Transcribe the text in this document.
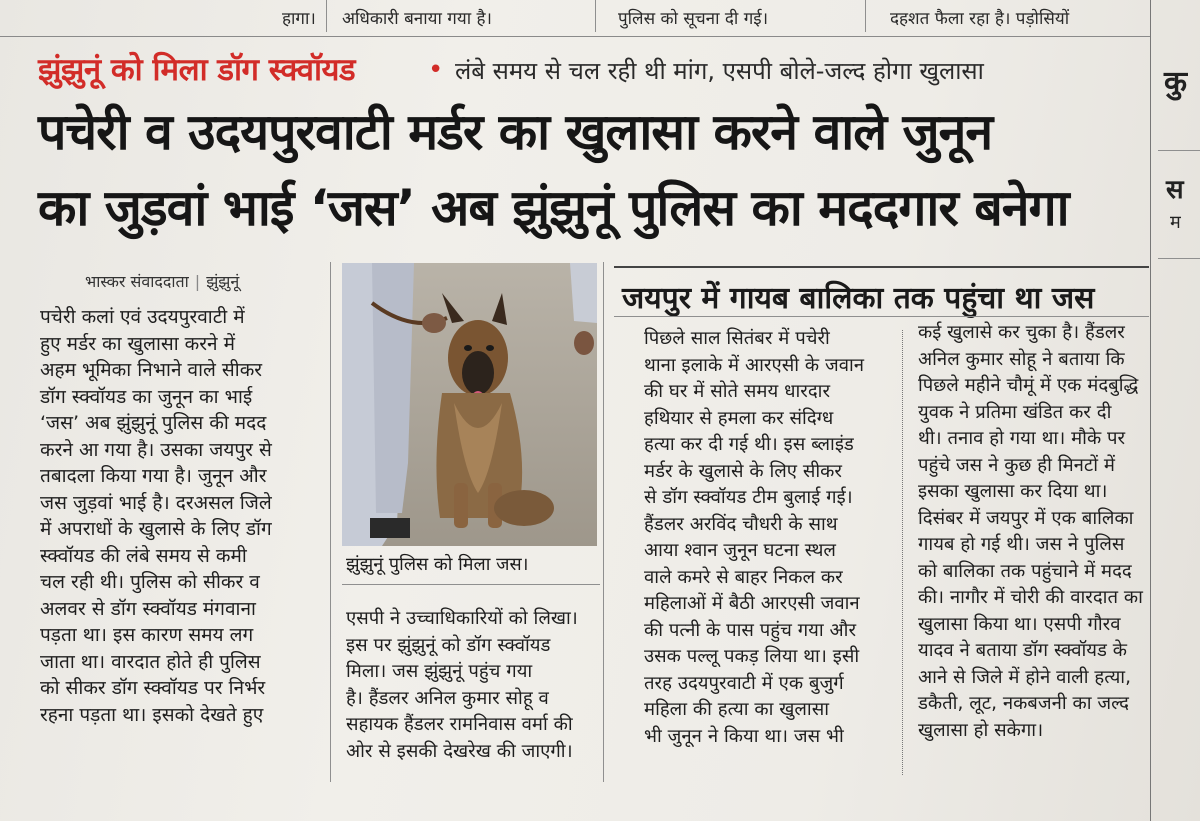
हागा। अधिकारी बनाया गया है।	पुलिस को सूचना दी गई।	दहशत फैला रहा है। पड़ोसियों
झुंझुनूं को मिला डॉग स्क्वॉयड	• लंबे समय से चल रही थी मांग, एसपी बोले-जल्द होगा खुलासा
पचेरी व उदयपुरवाटी मर्डर का खुलासा करने वाले जुनून
का जुड़वां भाई ‘जस’ अब झुंझुनूं पुलिस का मददगार बनेगा
भास्कर संवाददाता | झुंझुनूं
पचेरी कलां एवं उदयपुरवाटी में
हुए मर्डर का खुलासा करने में
अहम भूमिका निभाने वाले सीकर
डॉग स्क्वॉयड का जुनून का भाई
‘जस’ अब झुंझुनूं पुलिस की मदद
करने आ गया है। उसका जयपुर से
तबादला किया गया है। जुनून और
जस जुड़वां भाई है। दरअसल जिले
में अपराधों के खुलासे के लिए डॉग
स्क्वॉयड की लंबे समय से कमी
चल रही थी। पुलिस को सीकर व
अलवर से डॉग स्क्वॉयड मंगवाना
पड़ता था। इस कारण समय लग
जाता था। वारदात होते ही पुलिस
को सीकर डॉग स्क्वॉयड पर निर्भर
रहना पड़ता था। इसको देखते हुए
झुंझुनूं पुलिस को मिला जस।
एसपी ने उच्चाधिकारियों को लिखा।
इस पर झुंझुनूं को डॉग स्क्वॉयड
मिला। जस झुंझुनूं पहुंच गया
है। हैंडलर अनिल कुमार सोहू व
सहायक हैंडलर रामनिवास वर्मा की
ओर से इसकी देखरेख की जाएगी।
जयपुर में गायब बालिका तक पहुंचा था जस
पिछले साल सितंबर में पचेरी
थाना इलाके में आरएसी के जवान
की घर में सोते समय धारदार
हथियार से हमला कर संदिग्ध
हत्या कर दी गई थी। इस ब्लाइंड
मर्डर के खुलासे के लिए सीकर
से डॉग स्क्वॉयड टीम बुलाई गई।
हैंडलर अरविंद चौधरी के साथ
आया श्वान जुनून घटना स्थल
वाले कमरे से बाहर निकल कर
महिलाओं में बैठी आरएसी जवान
की पत्नी के पास पहुंच गया और
उसक पल्लू पकड़ लिया था। इसी
तरह उदयपुरवाटी में एक बुजुर्ग
महिला की हत्या का खुलासा
भी जुनून ने किया था। जस भी
कई खुलासे कर चुका है। हैंडलर
अनिल कुमार सोहू ने बताया कि
पिछले महीने चौमूं में एक मंदबुद्धि
युवक ने प्रतिमा खंडित कर दी
थी। तनाव हो गया था। मौके पर
पहुंचे जस ने कुछ ही मिनटों में
इसका खुलासा कर दिया था।
दिसंबर में जयपुर में एक बालिका
गायब हो गई थी। जस ने पुलिस
को बालिका तक पहुंचाने में मदद
की। नागौर में चोरी की वारदात का
खुलासा किया था। एसपी गौरव
यादव ने बताया डॉग स्क्वॉयड के
आने से जिले में होने वाली हत्या,
डकैती, लूट, नकबजनी का जल्द
खुलासा हो सकेगा।
कु
स
म
